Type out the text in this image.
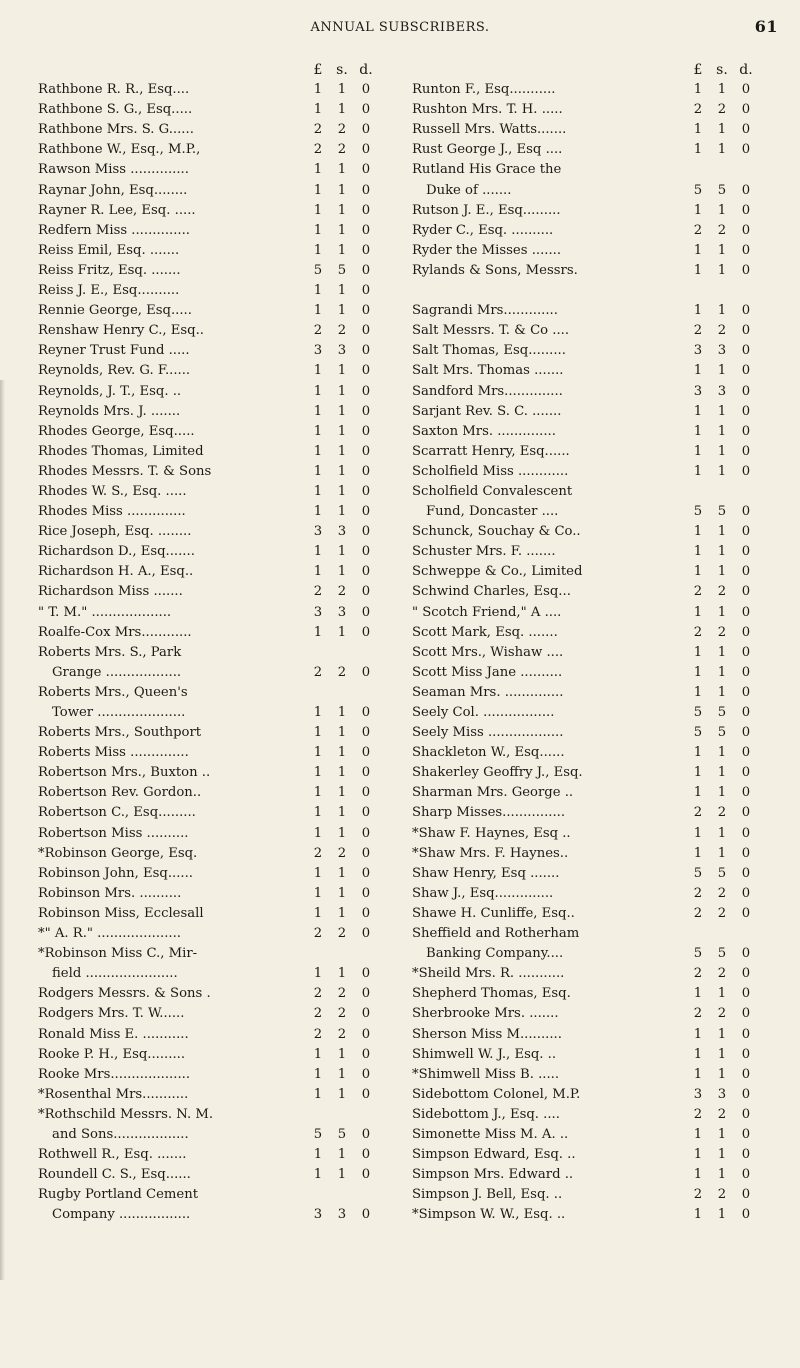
ANNUAL SUBSCRIBERS.	61
£ s. d.
Rathbone R. R., Esq....	1	1	0
Rathbone S. G., Esq.....	1	1	0
Rathbone Mrs. S. G......	2	2	0
Rathbone W., Esq., M.P.,	2	2	0
Rawson Miss ..............	1	1	0
Raynar John, Esq........	1	1	0
Rayner R. Lee, Esq. .....	1	1	0
Redfern Miss ..............	1	1	0
Reiss Emil, Esq. .......	1	1	0
Reiss Fritz, Esq. .......	5	5	0
Reiss J. E., Esq..........	1	1	0
Rennie George, Esq.....	1	1	0
Renshaw Henry C., Esq..	2	2	0
Reyner Trust Fund .....	3	3	0
Reynolds, Rev. G. F......	1	1	0
Reynolds, J. T., Esq. ..	1	1	0
Reynolds Mrs. J. .......	1	1	0
Rhodes George, Esq.....	1	1	0
Rhodes Thomas, Limited	1	1	0
Rhodes Messrs. T. & Sons	1	1	0
Rhodes W. S., Esq. .....	1	1	0
Rhodes Miss ..............	1	1	0
Rice Joseph, Esq. ........	3	3	0
Richardson D., Esq.......	1	1	0
Richardson H. A., Esq..	1	1	0
Richardson Miss .......	2	2	0
" T. M." ...................	3	3	0
Roalfe-Cox Mrs............	1	1	0
Roberts Mrs. S., Park
Grange ..................	2	2	0
Roberts Mrs., Queen's
Tower .....................	1	1	0
Roberts Mrs., Southport	1	1	0
Roberts Miss ..............	1	1	0
Robertson Mrs., Buxton ..	1	1	0
Robertson Rev. Gordon..	1	1	0
Robertson C., Esq.........	1	1	0
Robertson Miss ..........	1	1	0
*Robinson George, Esq.	2	2	0
Robinson John, Esq......	1	1	0
Robinson Mrs. ..........	1	1	0
Robinson Miss, Ecclesall	1	1	0
*" A. R." ....................	2	2	0
*Robinson Miss C., Mir-
field ......................	1	1	0
Rodgers Messrs. & Sons .	2	2	0
Rodgers Mrs. T. W......	2	2	0
Ronald Miss E. ...........	2	2	0
Rooke P. H., Esq.........	1	1	0
Rooke Mrs...................	1	1	0
*Rosenthal Mrs...........	1	1	0
*Rothschild Messrs. N. M.
and Sons..................	5	5	0
Rothwell R., Esq. .......	1	1	0
Roundell C. S., Esq......	1	1	0
Rugby Portland Cement
Company .................	3	3	0
£ s. d.
Runton F., Esq...........	1	1	0
Rushton Mrs. T. H. .....	2	2	0
Russell Mrs. Watts.......	1	1	0
Rust George J., Esq ....	1	1	0
Rutland His Grace the
Duke of .......	5	5	0
Rutson J. E., Esq.........	1	1	0
Ryder C., Esq. ..........	2	2	0
Ryder the Misses .......	1	1	0
Rylands & Sons, Messrs.	1	1	0
Sagrandi Mrs.............	1	1	0
Salt Messrs. T. & Co ....	2	2	0
Salt Thomas, Esq.........	3	3	0
Salt Mrs. Thomas .......	1	1	0
Sandford Mrs..............	3	3	0
Sarjant Rev. S. C. .......	1	1	0
Saxton Mrs. ..............	1	1	0
Scarratt Henry, Esq......	1	1	0
Scholfield Miss ............	1	1	0
Scholfield Convalescent
Fund, Doncaster ....	5	5	0
Schunck, Souchay & Co..	1	1	0
Schuster Mrs. F. .......	1	1	0
Schweppe & Co., Limited	1	1	0
Schwind Charles, Esq...	2	2	0
" Scotch Friend," A ....	1	1	0
Scott Mark, Esq. .......	2	2	0
Scott Mrs., Wishaw ....	1	1	0
Scott Miss Jane ..........	1	1	0
Seaman Mrs. ..............	1	1	0
Seely Col. .................	5	5	0
Seely Miss ..................	5	5	0
Shackleton W., Esq......	1	1	0
Shakerley Geoffry J., Esq.	1	1	0
Sharman Mrs. George ..	1	1	0
Sharp Misses...............	2	2	0
*Shaw F. Haynes, Esq ..	1	1	0
*Shaw Mrs. F. Haynes..	1	1	0
Shaw Henry, Esq .......	5	5	0
Shaw J., Esq..............	2	2	0
Shawe H. Cunliffe, Esq..	2	2	0
Sheffield and Rotherham
Banking Company....	5	5	0
*Sheild Mrs. R. ...........	2	2	0
Shepherd Thomas, Esq.	1	1	0
Sherbrooke Mrs. .......	2	2	0
Sherson Miss M..........	1	1	0
Shimwell W. J., Esq. ..	1	1	0
*Shimwell Miss B. .....	1	1	0
Sidebottom Colonel, M.P.	3	3	0
Sidebottom J., Esq. ....	2	2	0
Simonette Miss M. A. ..	1	1	0
Simpson Edward, Esq. ..	1	1	0
Simpson Mrs. Edward ..	1	1	0
Simpson J. Bell, Esq. ..	2	2	0
*Simpson W. W., Esq. ..	1	1	0
